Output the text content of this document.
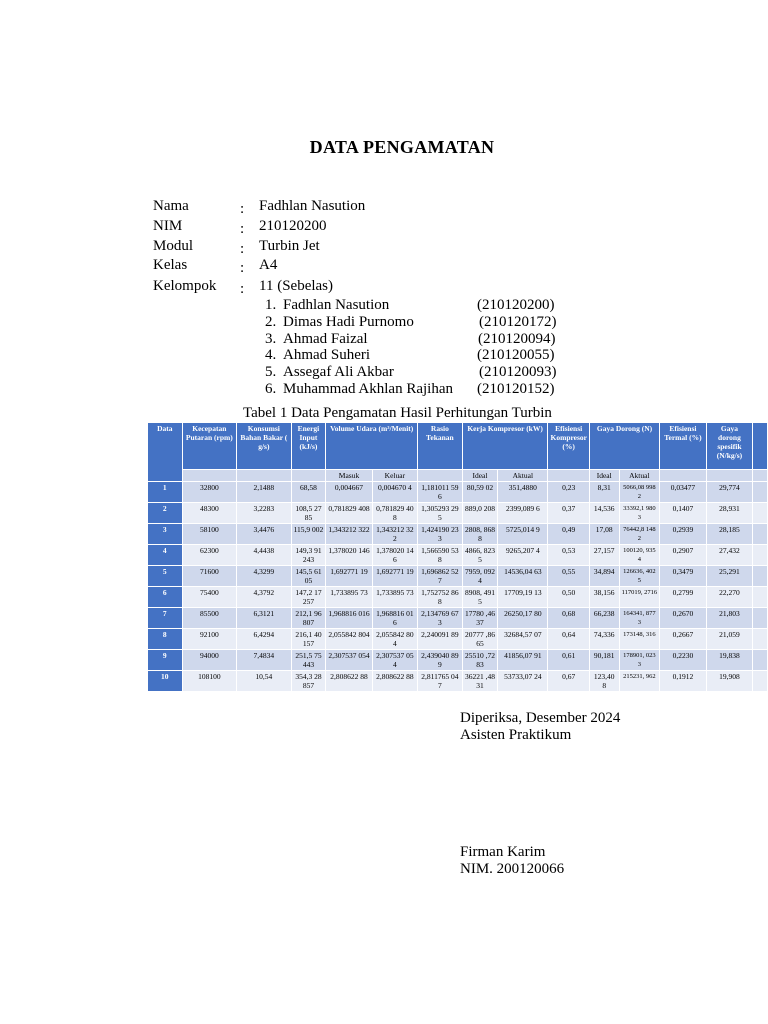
DATA PENGAMATAN
Nama	: Fadhlan Nasution
NIM	: 210120200
Modul	: Turbin Jet
Kelas	: A4
Kelompok : 11 (Sebelas)
1. Fadhlan Nasution	(210120200)
2. Dimas Hadi Purnomo	(210120172)
3. Ahmad Faizal	(210120094)
4. Ahmad Suheri	(210120055)
5. Assegaf Ali Akbar	(210120093)
6. Muhammad Akhlan Rajihan (210120152)
Tabel 1 Data Pengamatan Hasil Perhitungan Turbin
Data	Kecepatan Putaran (rpm)	Konsumsi Bahan Bakar ( g/s)	Energi Input (kJ/s)	Volume Udara (m³/Menit)		Rasio Tekanan	Kerja Kompresor (kW)		Efisiensi Kompresor (%)	Gaya Dorong (N)		Efisiensi Termal (%)	Gaya dorong spesifik (N/kg/s)	
				Masuk	Keluar		Ideal	Aktual		Ideal	Aktual			
1	32800	2,1488	68,58	0,004667	0,004670 4	1,181011 596	80,59 02	351,4880	0,23	8,31	5066,08 9982	0,03477	29,774	
2	48300	3,2283	108,5 2785	0,781829 408	0,781829 408	1,305293 295	889,0 208	2399,089 6	0,37	14,536	33392,1 9803	0,1407	28,931	
3	58100	3,4476	115,9 002	1,343212 322	1,343212 322	1,424190 233	2808, 8688	5725,014 9	0,49	17,08	76442,8 1482	0,2939	28,185	
4	62300	4,4438	149,3 91243	1,378020 146	1,378020 146	1,566590 538	4866, 8235	9265,207 4	0,53	27,157	100120, 9354	0,2907	27,432	
5	71600	4,3299	145,5 6105	1,692771 19	1,692771 19	1,696862 527	7959, 0924	14536,04 63	0,55	34,894	126636, 4025	0,3479	25,291	
6	75400	4,3792	147,2 17257	1,733895 73	1,733895 73	1,752752 868	8908, 4915	17709,19 13	0,50	38,156	117019, 2716	0,2799	22,270	
7	85500	6,3121	212,1 96807	1,968816 016	1,968816 016	2,134769 673	17780 ,4637	26250,17 80	0,68	66,238	164341, 8773	0,2670	21,803	
8	92100	6,4294	216,1 40157	2,055842 804	2,055842 804	2,240091 89	20777 ,8665	32684,57 07	0,64	74,336	173148, 316	0,2667	21,059	
9	94000	7,4834	251,5 75443	2,307537 054	2,307537 054	2,439040 899	25510 ,7283	41856,07 91	0,61	90,181	178901, 0233	0,2230	19,838	
10	108100	10,54	354,3 28857	2,808622 88	2,808622 88	2,811765 047	36221 ,4831	53733,07 24	0,67	123,40 8	215231, 962	0,1912	19,908	
Diperiksa, Desember 2024
Asisten Praktikum
Firman Karim
NIM. 200120066
